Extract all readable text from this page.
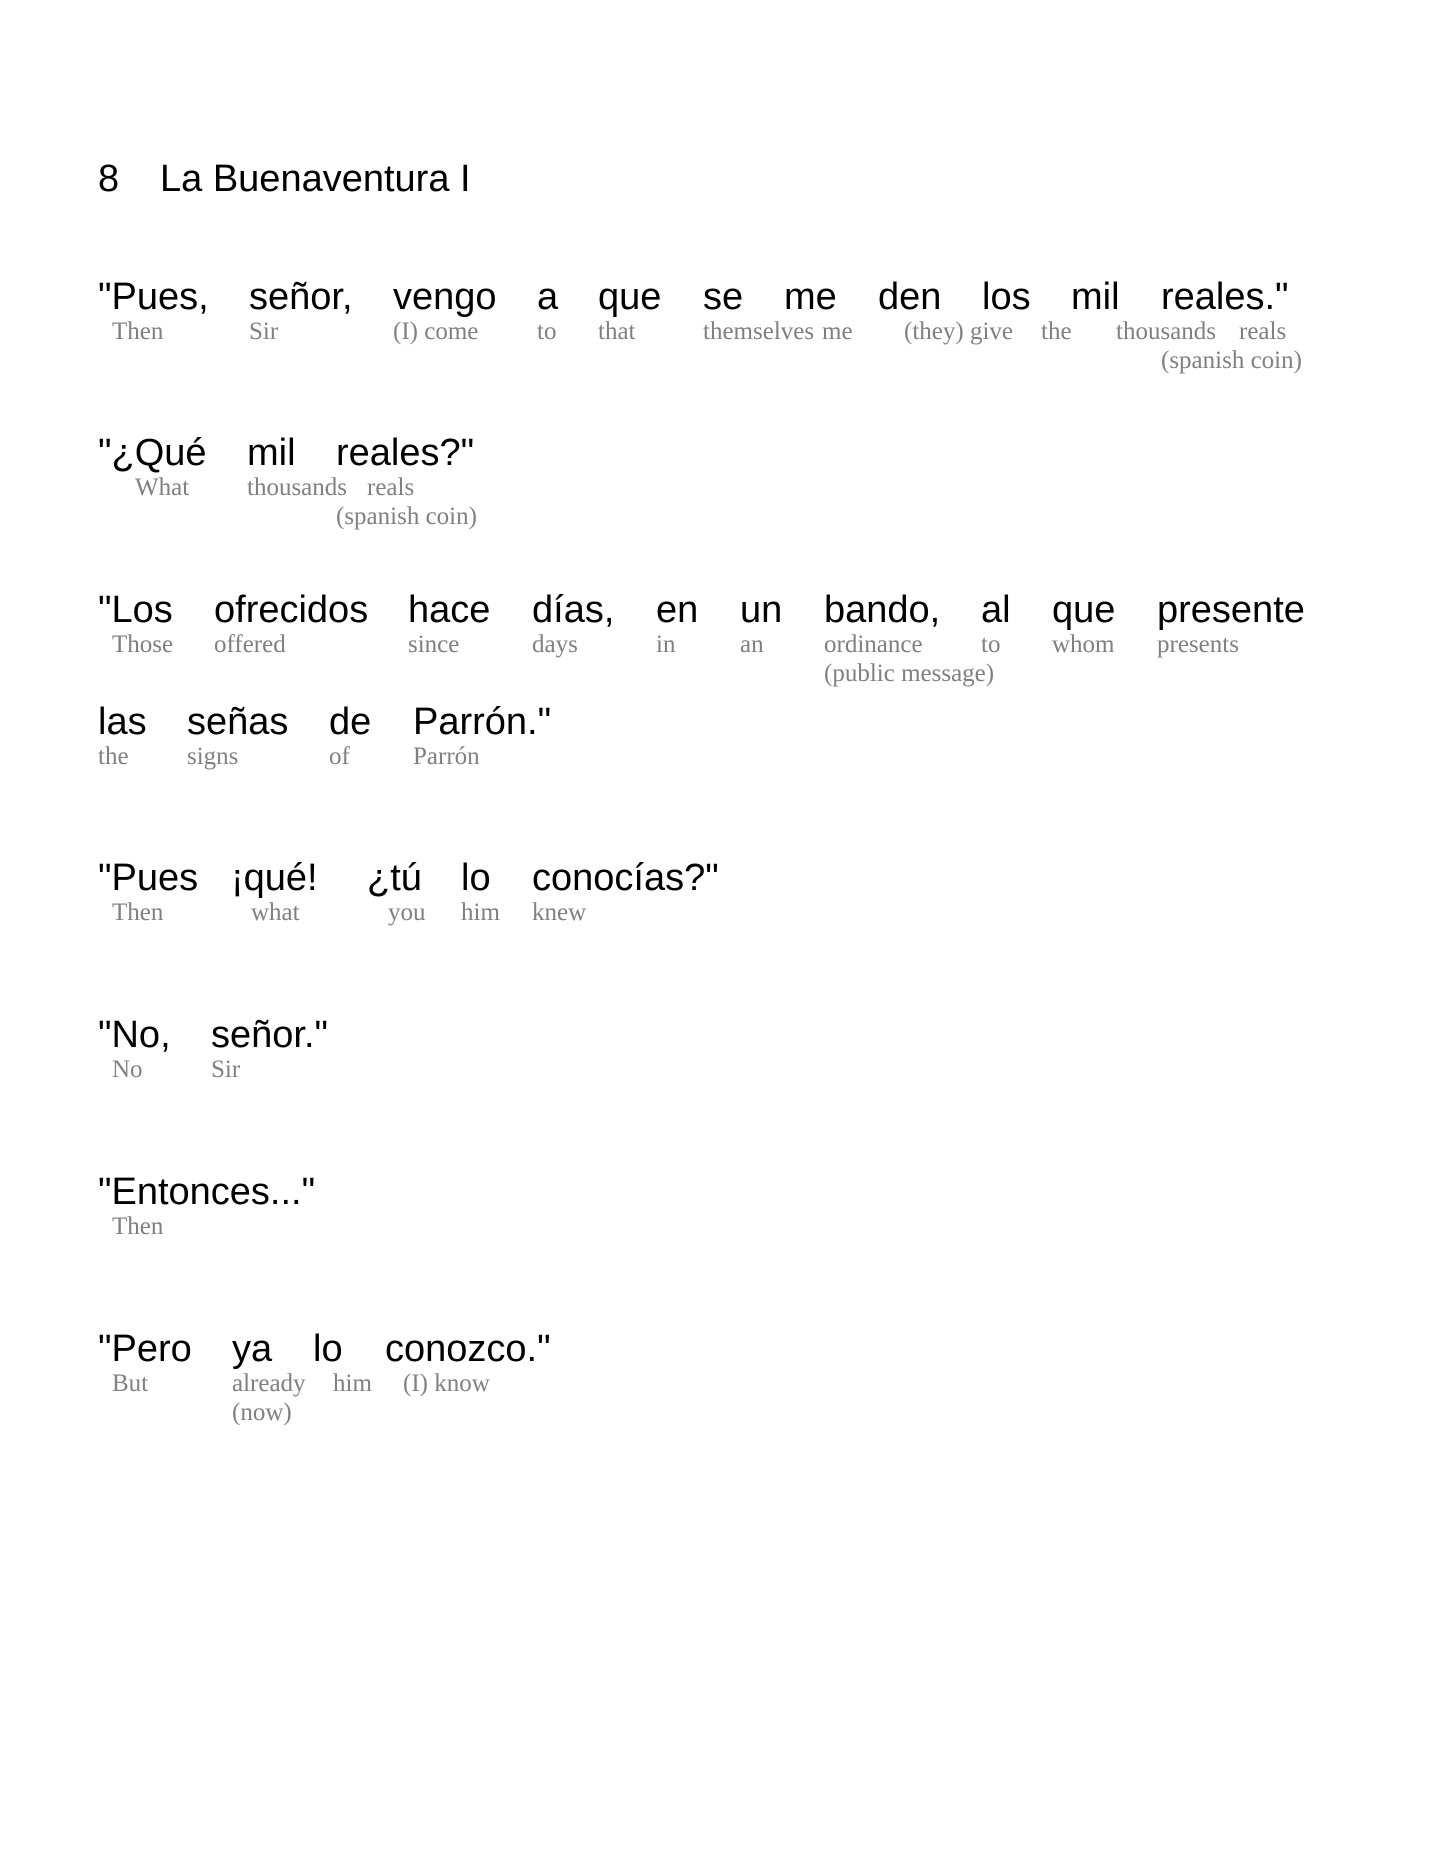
8 La Buenaventura I
"Pues,
Then
señor,
Sir
vengo
(I) come
a
to
que
that
se
themselves
me
me
den
(they) give
los
the
mil
thousands
reales."
reals
(spanish coin)
"¿Qué
What
mil
thousands
reales?"
reals
(spanish coin)
"Los
Those
ofrecidos
offered
hace
since
días,
days
en
in
un
an
bando,
ordinance
(public message)
al
to
que
whom
presente
presents
las
the
señas
signs
de
of
Parrón."
Parrón
"Pues
Then
¡qué!
what
¿tú
you
lo
him
conocías?"
knew
"No,
No
señor."
Sir
"Entonces..."
Then
"Pero
But
ya
already
(now)
lo
him
conozco."
(I) know
